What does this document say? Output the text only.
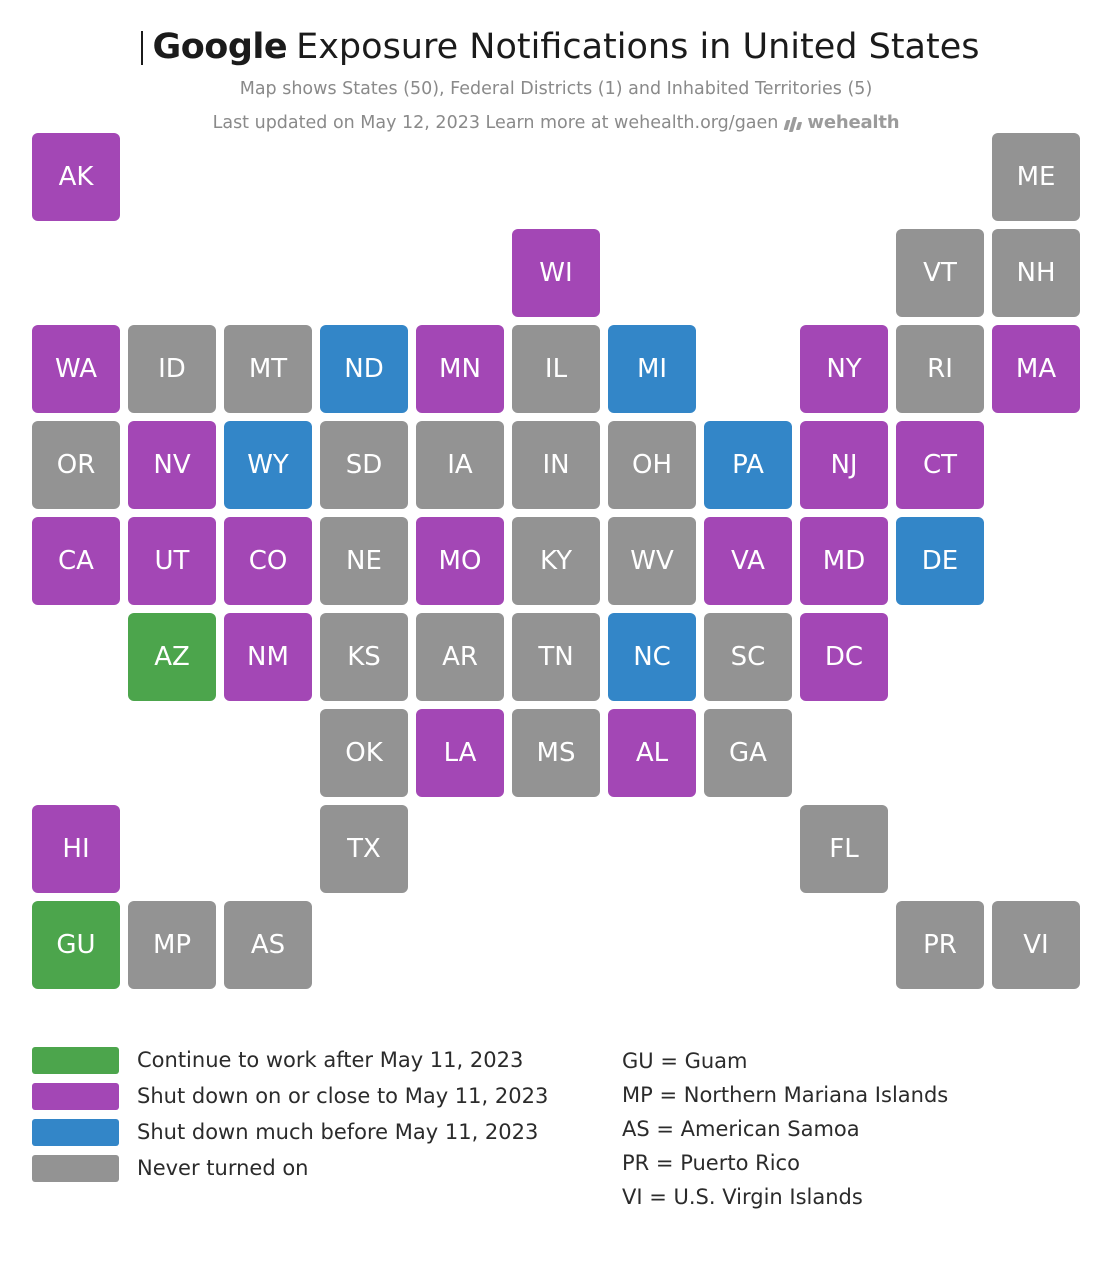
Google Exposure Notifications in United States
Map shows States (50), Federal Districts (1) and Inhabited Territories (5)
Last updated on May 12, 2023 Learn more at wehealth.org/gaen wehealth
AK	ME
WI	VT	NH
WA	ID	MT	ND	MN	IL	MI	NY	RI	MA
OR	NV	WY	SD	IA	IN	OH	PA	NJ	CT
CA	UT	CO	NE	MO	KY	WV	VA	MD	DE
AZ	NM	KS	AR	TN	NC	SC	DC
OK	LA	MS	AL	GA
HI	TX	FL
GU	MP	AS	PR	VI
Continue to work after May 11, 2023
Shut down on or close to May 11, 2023
Shut down much before May 11, 2023
Never turned on
GU = Guam
MP = Northern Mariana Islands
AS = American Samoa
PR = Puerto Rico
VI = U.S. Virgin Islands
